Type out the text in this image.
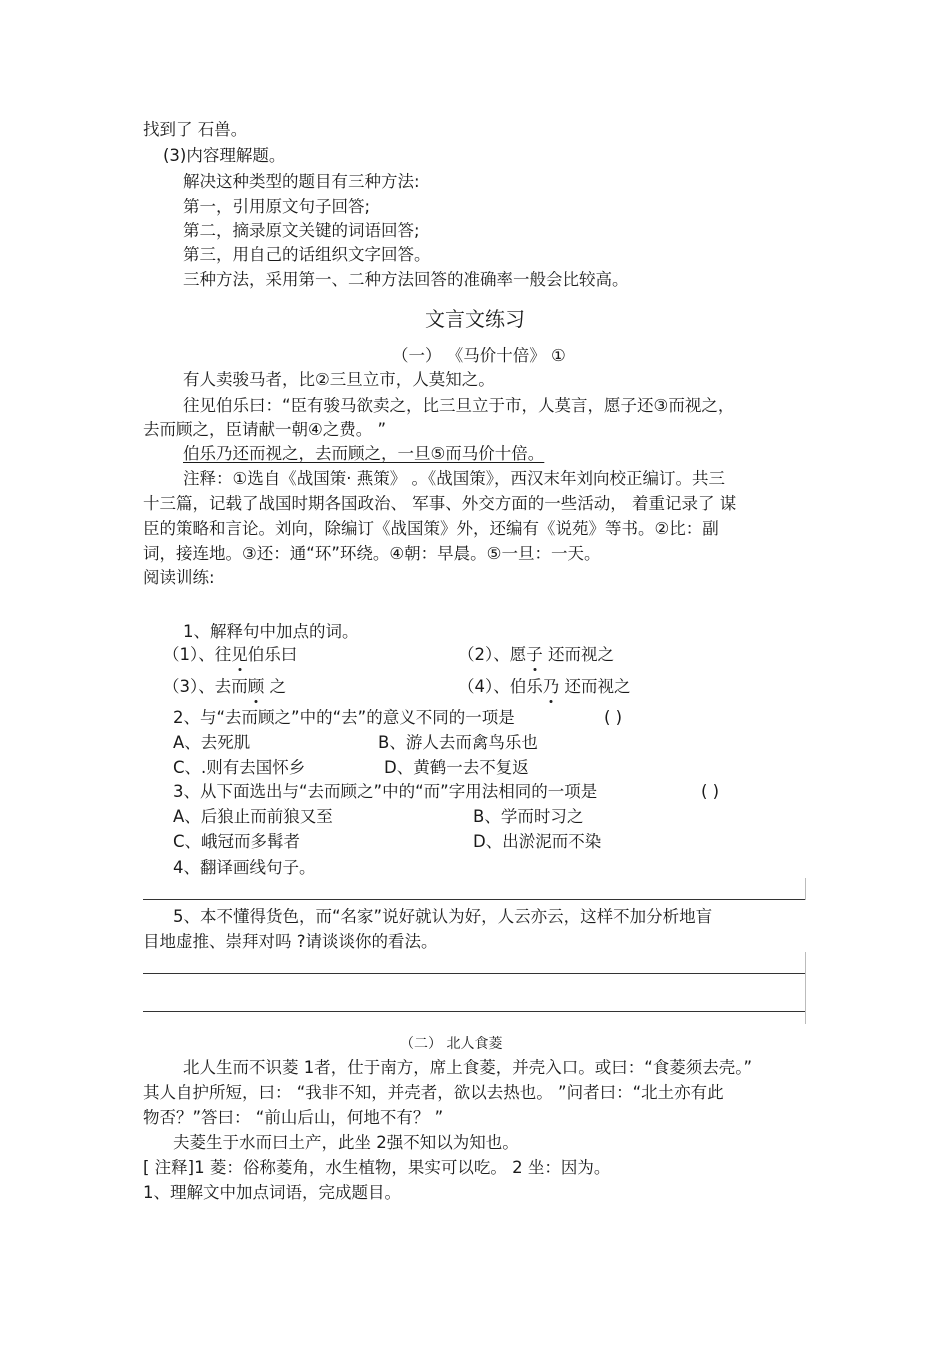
找到了 石兽。
(3)内容理解题。
解决这种类型的题目有三种方法:
第一，引用原文句子回答;
第二，摘录原文关键的词语回答;
第三，用自己的话组织文字回答。
三种方法，采用第一、二种方法回答的准确率一般会比较高。
文言文练习
（一） 《马价十倍》 ①
有人卖骏马者，比②三旦立市，人莫知之。
往见伯乐曰：“臣有骏马欲卖之，比三旦立于市，人莫言，愿子还③而视之，
去而顾之，臣请献一朝④之费。 ”
伯乐乃还而视之，去而顾之，一旦⑤而马价十倍。
注释：①选自《战国策· 燕策》 。《战国策》，西汉末年刘向校正编订。共三
十三篇，记载了战国时期各国政治、 军事、外交方面的一些活动， 着重记录了 谋
臣的策略和言论。刘向，除编订《战国策》外，还编有《说苑》等书。②比：副
词，接连地。③还：通“环”环绕。④朝：早晨。⑤一旦：一天。
阅读训练:
1、解释句中加点的词。
（1）、往见伯乐曰	（2）、愿子 还而视之
（3）、去而顾 之	（4）、伯乐乃 还而视之
2、与“去而顾之”中的“去”的意义不同的一项是	( )
A、去死肌	B、游人去而禽鸟乐也
C、.则有去国怀乡	D、黄鹤一去不复返
3、从下面选出与“去而顾之”中的“而”字用法相同的一项是	( )
A、后狼止而前狼又至	B、学而时习之
C、峨冠而多髯者	D、出淤泥而不染
4、翻译画线句子。
5、本不懂得货色，而“名家”说好就认为好，人云亦云，这样不加分析地盲
目地虚推、崇拜对吗 ?请谈谈你的看法。
（二） 北人食菱
北人生而不识菱 1者，仕于南方，席上食菱，并壳入口。或曰：“食菱须去壳。”
其人自护所短，曰： “我非不知，并壳者，欲以去热也。 ”问者曰：“北土亦有此
物否？”答曰： “前山后山，何地不有？ ”
夫菱生于水而曰土产，此坐 2强不知以为知也。
[ 注释]1 菱：俗称菱角，水生植物，果实可以吃。 2 坐：因为。
1、理解文中加点词语，完成题目。
